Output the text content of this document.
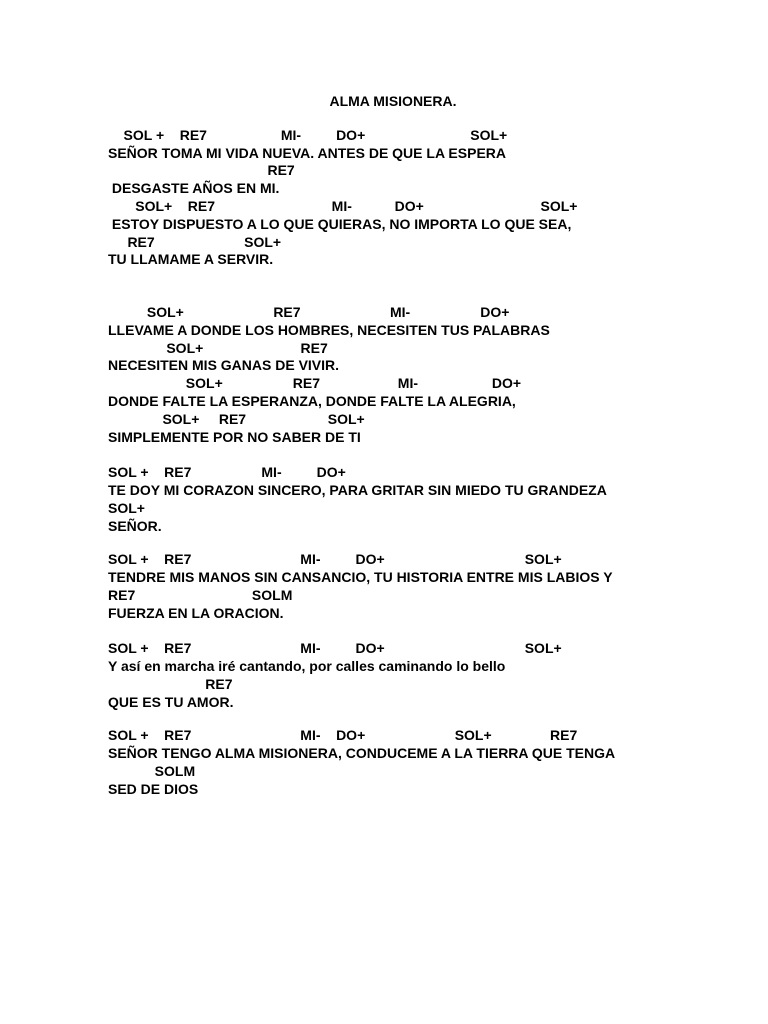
ALMA MISIONERA.
SOL +    RE7                   MI-         DO+                           SOL+
SEÑOR TOMA MI VIDA NUEVA. ANTES DE QUE LA ESPERA
RE7
DESGASTE AÑOS EN MI.
SOL+    RE7                              MI-           DO+                              SOL+
ESTOY DISPUESTO A LO QUE QUIERAS, NO IMPORTA LO QUE SEA,
RE7                       SOL+
TU LLAMAME A SERVIR.
SOL+                       RE7                       MI-                  DO+
LLEVAME A DONDE LOS HOMBRES, NECESITEN TUS PALABRAS
SOL+                         RE7
NECESITEN MIS GANAS DE VIVIR.
SOL+                  RE7                    MI-                   DO+
DONDE FALTE LA ESPERANZA, DONDE FALTE LA ALEGRIA,
SOL+     RE7                     SOL+
SIMPLEMENTE POR NO SABER DE TI
SOL +    RE7                  MI-         DO+
TE DOY MI CORAZON SINCERO, PARA GRITAR SIN MIEDO TU GRANDEZA
SOL+
SEÑOR.
SOL +    RE7                            MI-         DO+                                    SOL+
TENDRE MIS MANOS SIN CANSANCIO, TU HISTORIA ENTRE MIS LABIOS Y
RE7                              SOLM
FUERZA EN LA ORACION.
SOL +    RE7                            MI-         DO+                                    SOL+
Y así en marcha iré cantando, por calles caminando lo bello
RE7
QUE ES TU AMOR.
SOL +    RE7                            MI-    DO+                       SOL+               RE7
SEÑOR TENGO ALMA MISIONERA, CONDUCEME A LA TIERRA QUE TENGA
SOLM
SED DE DIOS
